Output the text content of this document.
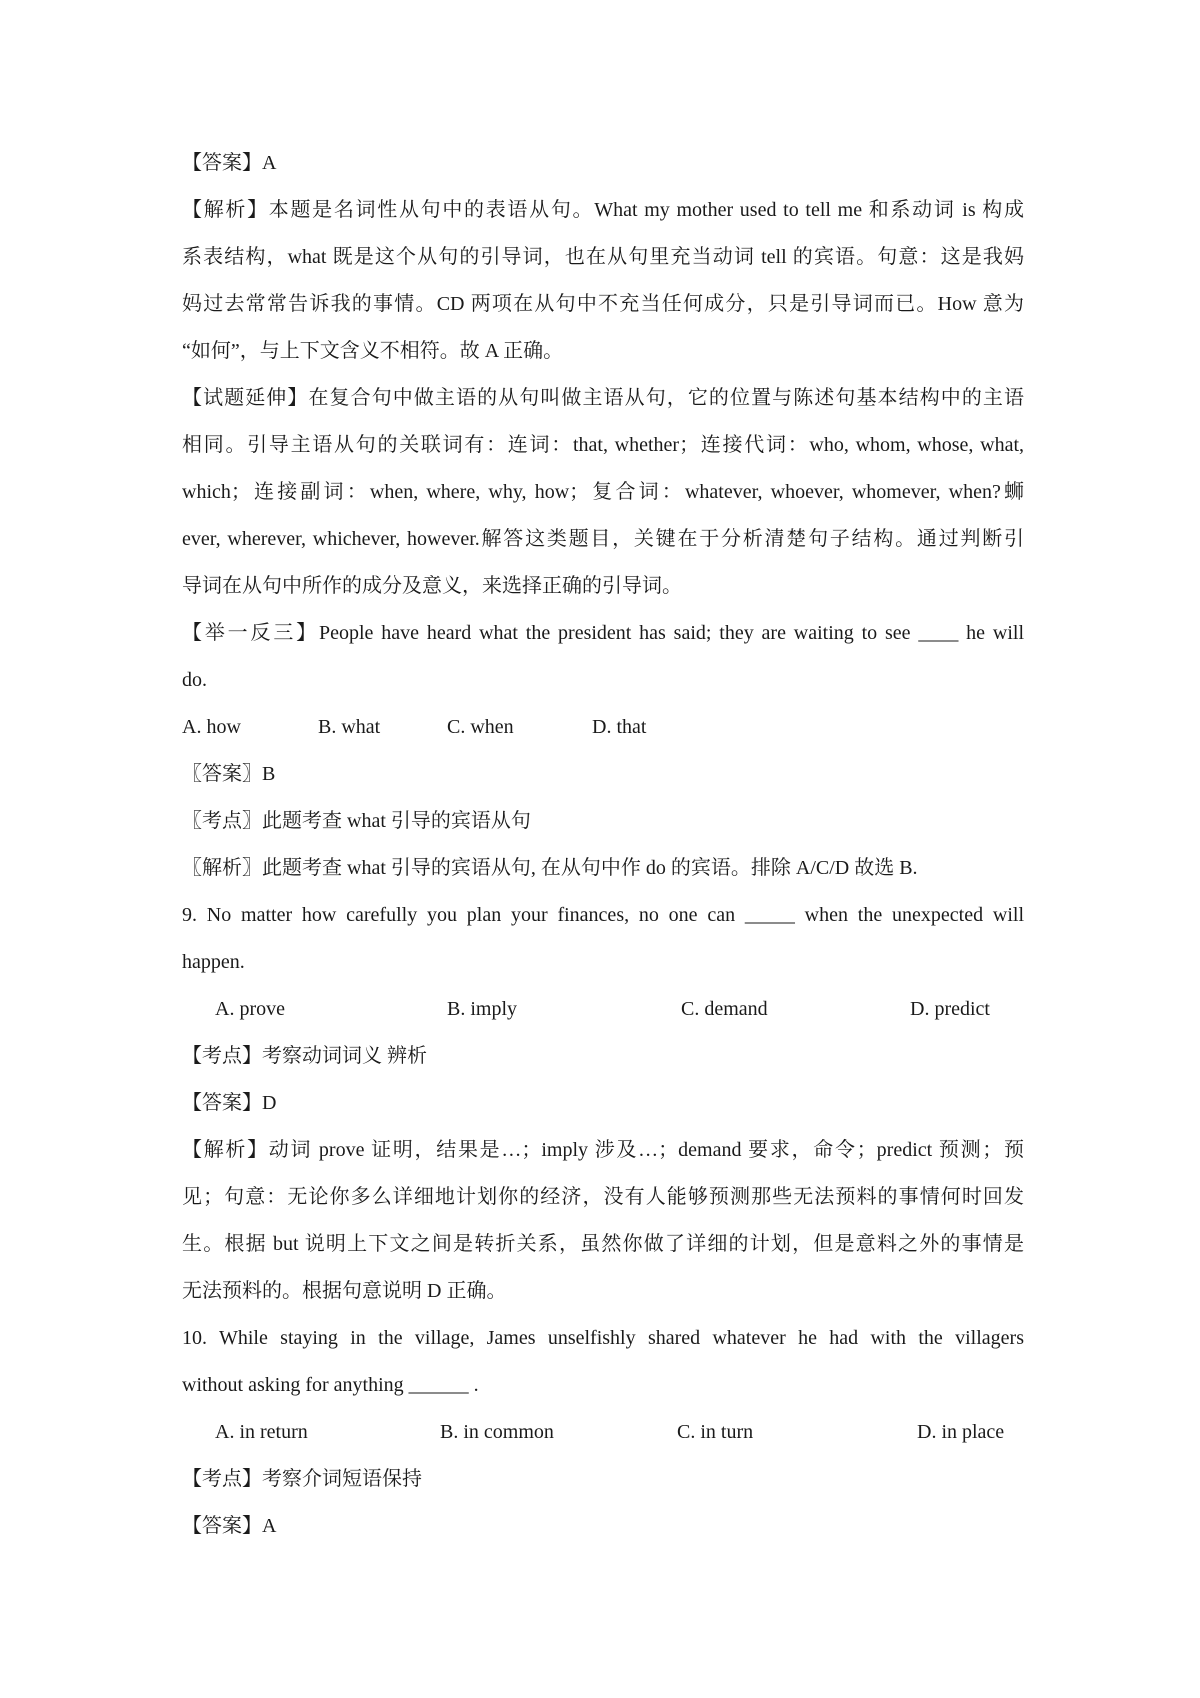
【答案】A
【解析】本题是名词性从句中的表语从句。What my mother used to tell me 和系动词 is 构成
系表结构，what 既是这个从句的引导词，也在从句里充当动词 tell 的宾语。句意：这是我妈
妈过去常常告诉我的事情。CD 两项在从句中不充当任何成分，只是引导词而已。How 意为
“如何”，与上下文含义不相符。故 A 正确。
【试题延伸】在复合句中做主语的从句叫做主语从句，它的位置与陈述句基本结构中的主语
相同。引导主语从句的关联词有：连词：that, whether；连接代词：who, whom, whose, what,
which；连接副词：when, where, why, how；复合词：whatever, whoever, whomever, when?蛳
ever, wherever, whichever, however.解答这类题目，关键在于分析清楚句子结构。通过判断引
导词在从句中所作的成分及意义，来选择正确的引导词。
【举一反三】People have heard what the president has said; they are waiting to see ____ he will
do.
A. how	B. what	C. when	D. that
〖答案〗B
〖考点〗此题考查 what 引导的宾语从句
〖解析〗此题考查 what 引导的宾语从句, 在从句中作 do 的宾语。排除 A/C/D 故选 B.
9. No matter how carefully you plan your finances, no one can _____ when the unexpected will
happen.
A. prove	B. imply	C. demand	D. predict
【考点】考察动词词义 辨析
【答案】D
【解析】动词 prove 证明，结果是…；imply 涉及…；demand 要求，命令；predict 预测；预
见；句意：无论你多么详细地计划你的经济，没有人能够预测那些无法预料的事情何时回发
生。根据 but 说明上下文之间是转折关系，虽然你做了详细的计划，但是意料之外的事情是
无法预料的。根据句意说明 D 正确。
10. While staying in the village, James unselfishly shared whatever he had with the villagers
without asking for anything ______ .
A. in return	B. in common	C. in turn	D. in place
【考点】考察介词短语保持
【答案】A
